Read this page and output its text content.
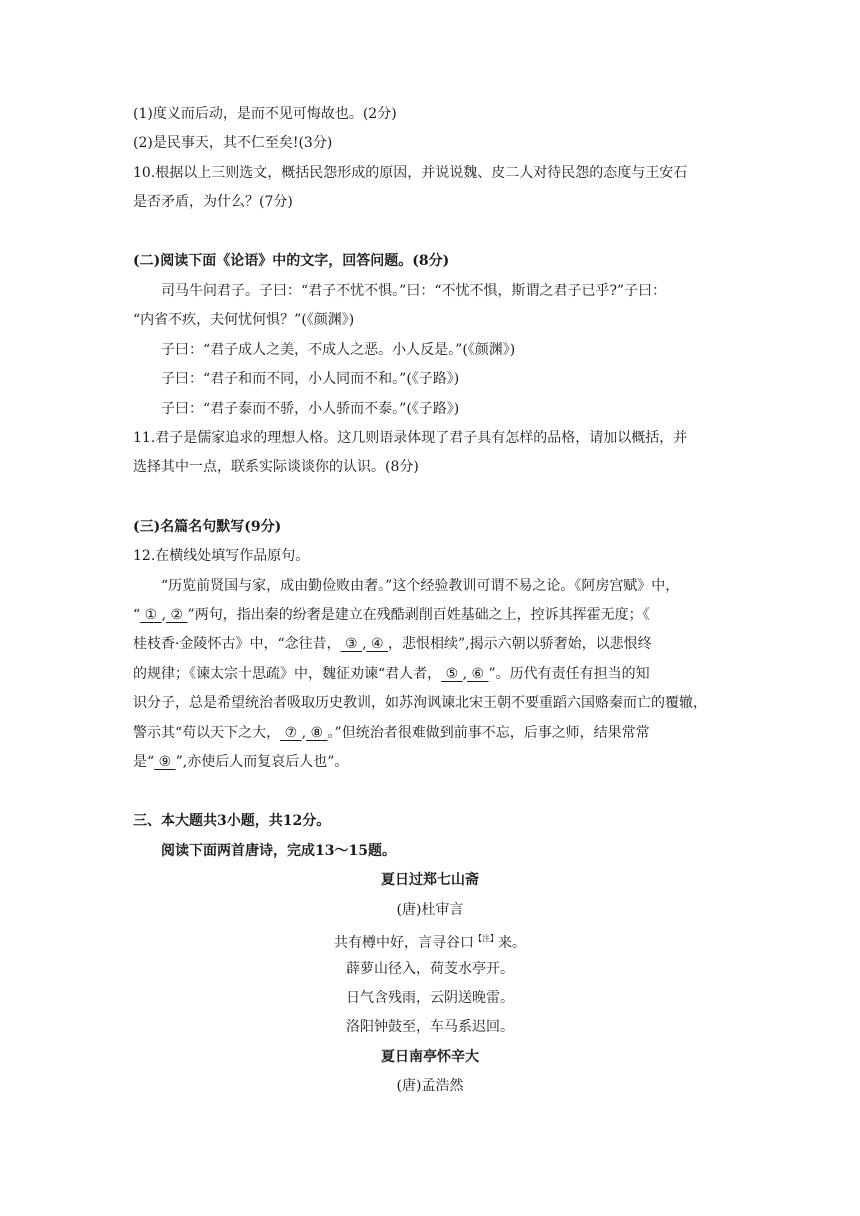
(1)度义而后动，是而不见可悔故也。(2分)
(2)是民事天，其不仁至矣!(3分)
10.根据以上三则选文，概括民怨形成的原因，并说说魏、皮二人对待民怨的态度与王安石
是否矛盾，为什么？(7分)
(二)阅读下面《论语》中的文字，回答问题。(8分)
司马牛问君子。子曰：“君子不忧不惧。”曰：“不忧不惧，斯谓之君子已乎?”子曰：
“内省不疚，夫何忧何惧？”(《颜渊》)
子曰：“君子成人之美，不成人之恶。小人反是。”(《颜渊》)
子曰：“君子和而不同，小人同而不和。”(《子路》)
子曰：“君子泰而不骄，小人骄而不泰。”(《子路》)
11.君子是儒家追求的理想人格。这几则语录体现了君子具有怎样的品格，请加以概括，并
选择其中一点，联系实际谈谈你的认识。(8分)
(三)名篇名句默写(9分)
12.在横线处填写作品原句。
“历览前贤国与家，成由勤俭败由奢。”这个经验教训可谓不易之论。《阿房宫赋》中，
“ ① , ② ”两句，指出秦的纷奢是建立在残酷剥削百姓基础之上，控诉其挥霍无度；《
桂枝香·金陵怀古》中，“念往昔， ③ , ④ ，悲恨相续”,揭示六朝以骄奢始，以悲恨终
的规律；《谏太宗十思疏》中，魏征劝谏“君人者， ⑤ , ⑥ ”。历代有责任有担当的知
识分子，总是希望统治者吸取历史教训，如苏洵讽谏北宋王朝不要重蹈六国赂秦而亡的覆辙，
警示其“苟以天下之大， ⑦ , ⑧ 。”但统治者很难做到前事不忘，后事之师，结果常常
是“ ⑨ ”,亦使后人而复哀后人也”。
三、本大题共3小题，共12分。
阅读下面两首唐诗，完成13～15题。
夏日过郑七山斋
(唐)杜审言
共有樽中好，言寻谷口$^{【注】}$来。
薜萝山径入，荷芰水亭开。
日气含残雨，云阴送晚雷。
洛阳钟鼓至，车马系迟回。
夏日南亭怀辛大
(唐)孟浩然
